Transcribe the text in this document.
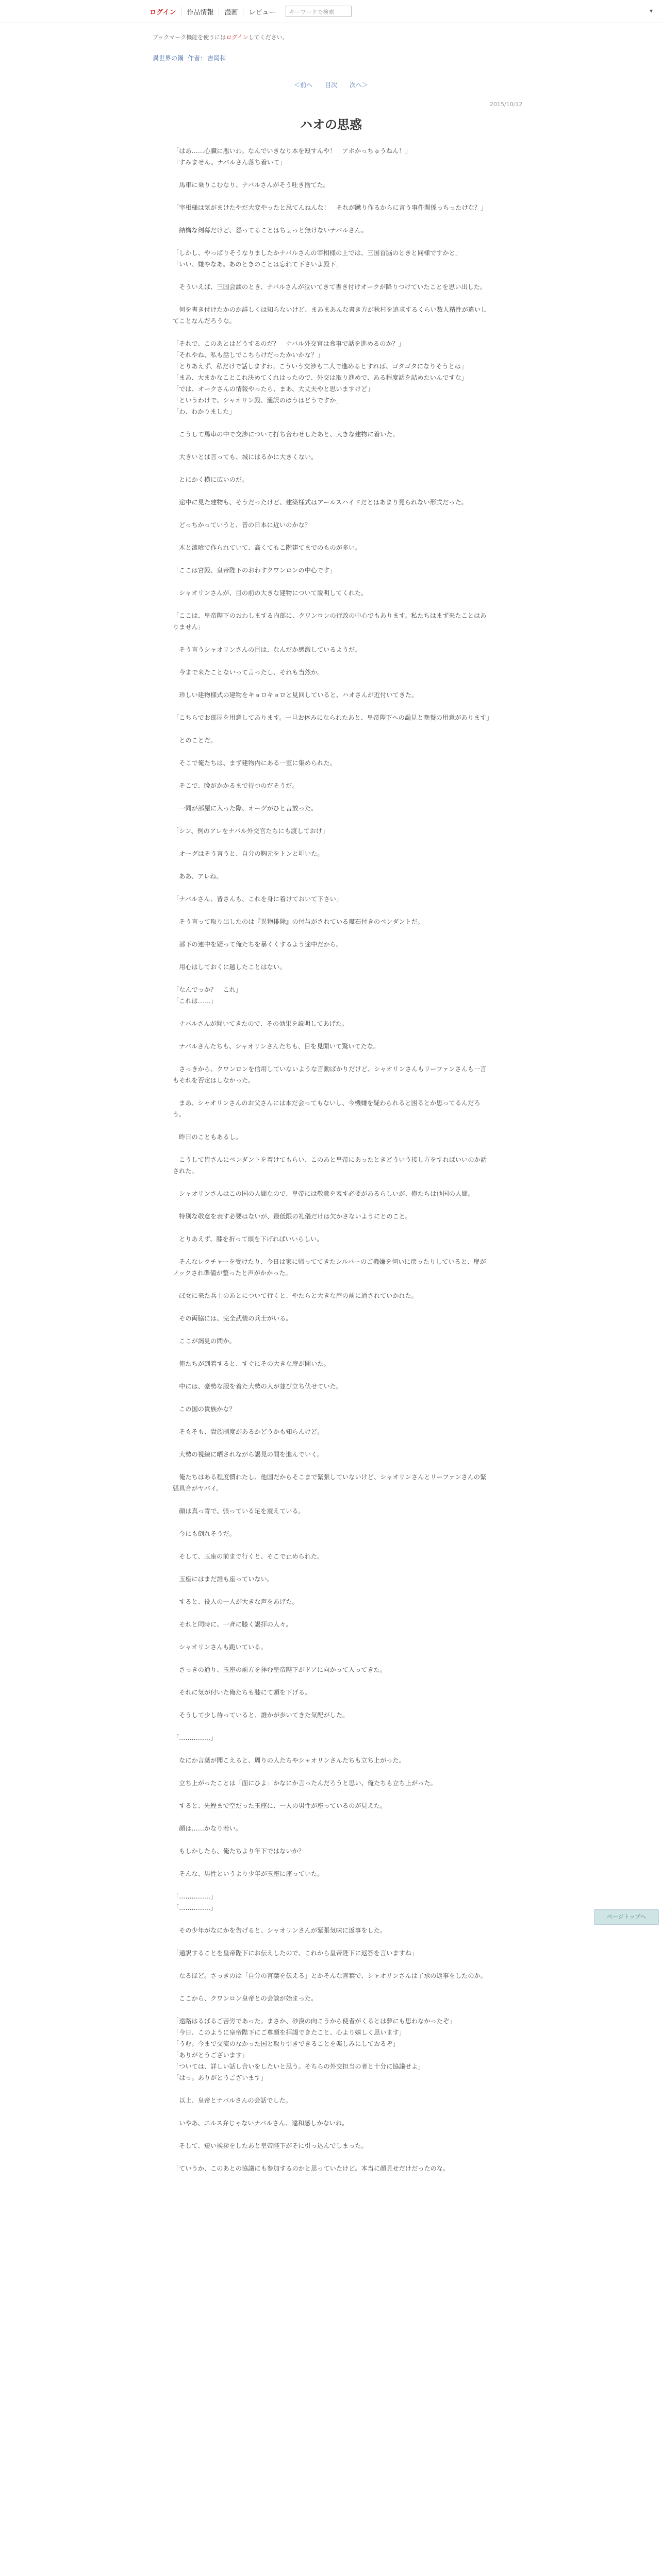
ログイン	作品情報	漫画	レビュー	キーワードで検索	▾
ブックマーク機能を使うにはログインしてください。
異世界の鍋 作者： 吉岡和
＜前へ 目次 次へ＞
2015/10/12
ハオの思惑

「はあ……心臓に悪いわ。なんでいきなり本を殴すんや！　アホかっちゅうねん！」

「すみません。ナバルさん落ち着いて」

　馬車に乗りこむなり、ナバルさんがそう吐き捨てた。

「宰相様は気がまけたやだ大変やったと思てんねんな！　それが蹴り作るからに言う事件関係っちったけな？」

　結構な剣幕だけど、怒ってることはちょっと無けないナバルさん。

「しかし、やっぱりそうなりましたかナバルさんの宰相様の上では、三国首脳のときと同様ですかと」

「いい、嫌やなあ。あのときのことは忘れて下さいよ殿下」

　そういえば、三国会談のとき、ナバルさんが泣いてきて書き付けオークが降りつけていたことを思い出した。

　何を書き付けたかのか詳しくは知らないけど、まあまあんな書き方が秋村を追求するくらい数人精性が違いしてことなんだろうな。

「それで、このあとはどうするのだ？　ナバル外交官は食事で話を進めるのか？」

「それやね、私も話しでこちらけだったかいかな？」

「とりあえず、私だけで話しますわ。こういう交渉も二人で進めるとすれば、ゴタゴタになりそうとは」

「まあ、大まかなことこれ決めてくれはったので、外交は取り進めで、ある程度話を詰めたいんですな」

「では、オークさんの情報やったら、まあ、大丈夫やと思いますけど」

「というわけで、シャオリン殿、通訳のほうはどうですか」

「わ、わかりました」

　こうして馬車の中で交渉について打ち合わせしたあと、大きな建物に着いた。

　大きいとは言っても、城にはるかに大きくない。

　とにかく横に広いのだ。

　途中に見た建物も、そうだったけど、建築様式はアールスハイドだとはあまり見られない形式だった。

　どっちかっていうと、昔の日本に近いのかな？

　木と漆喰で作られていて、高くてもこ階建てまでのものが多い。

「ここは宮殿、皇帝陛下のおわすクワンロンの中心です」

　シャオリンさんが、目の前の大きな建物について説明してくれた。

「ここは、皇帝陛下のおわしまする内部に、クワンロンの行政の中心でもあります。私たちはまず来たことはありません」

　そう言うシャオリンさんの目は、なんだか感激しているようだ。

　今まで来たことないって言ったし、それも当然か。

　珍しい建物様式の建物をキョロキョロと見回していると、ハオさんが近付いてきた。

「こちらでお部屋を用意してあります。一旦お休みになられたあと、皇帝陛下への謁見と晩餐の用意があります」

　とのことだ。

　そこで俺たちは、まず建物内にある一室に集められた。

　そこで、晩がかかるまで待つのだそうだ。

　一同が部屋に入った際、オーグがひと言放った。

「シン、例のアレをナバル外交官たちにも渡しておけ」

　オーグはそう言うと、自分の胸元をトンと叩いた。

　ああ、アレね。

「ナバルさん、皆さんも、これを身に着けておいて下さい」

　そう言って取り出したのは『異物排除』の付与がされている魔石付きのペンダントだ。

　部下の連中を疑って俺たちを暴くくするよう途中だから。

　用心はしておくに越したことはない。

「なんでっか？　これ」

「これは……」

　ナバルさんが聞いてきたので、その効果を説明してあげた。

　ナバルさんたちも、シャオリンさんたちも、目を見開いて驚いてたな。

　さっきから、クワンロンを信用していないような言動ばかりだけど、シャオリンさんもリーファンさんも一言もそれを否定はしなかった。

　まあ、シャオリンさんのお父さんには本だ会ってもないし、今機嫌を疑わられると困るとか思ってるんだろう。

　昨日のこともあるし。

　こうして皆さんにペンダントを着けてもらい、このあと皇帝にあったときどういう接し方をすればいいのか話された。

　シャオリンさんはこの国の人間なので、皇帝には敬意を表す必要があるらしいが、俺たちは他国の人間。

　特別な敬意を表す必要はないが、最低限の礼儀だけは欠かさないようにとのこと。

　とりあえず、膝を折って頭を下げればいいらしい。

　そんなレクチャーを受けたり、今日は家に帰っててきたシルバーのご機嫌を伺いに戻ったりしていると、扉がノックされ準備が整ったと声がかかった。

　ぼ女に来た兵士のあとについて行くと、やたらと大きな扉の前に通されていかれた。

　その両脇には、完全武装の兵士がいる。

　ここが謁見の間か。

　俺たちが到着すると、すぐにその大きな扉が開いた。

　中には、豪勢な服を着た大勢の人が並び立ち伏せていた。

　この国の貴族かな？

　そもそも、貴族制度があるかどうかも知らんけど。

　大勢の視線に晒されながら謁見の間を進んでいく。

　俺たちはある程度慣れたし、他国だからそこまで緊張していないけど、シャオリンさんとリーファンさんの緊張具合がヤバイ。

　顔は真っ青で、張っている足を震えている。

　今にも倒れそうだ。

　そして、玉座の前まで行くと、そこで止められた。

　玉座にはまだ誰も座っていない。

　すると、役人の一人が大きな声をあげた。

　それと同時に、一斉に膝く謁拝の人々。

　シャオリンさんも跪いている。

　さっきの通り、玉座の前方を拝む皇帝陛下がドアに向かって入ってきた。

　それに気が付いた俺たちも膝にて頭を下げる。

　そうして少し待っていると、誰かが歩いてきた気配がした。

「……………」

　なにか言葉が聞こえると、周りの人たちやシャオリンさんたちも立ち上がった。

　立ち上がったことは「面にひよ」かなにか言ったんだろうと思い、俺たちも立ち上がった。

　すると、先程まで空だった玉座に、一人の男性が座っているのが見えた。

　顔は……かなり若い。

　もしかしたら、俺たちより年下ではないか？

　そんな、男性というより少年が玉座に座っていた。

「……………」

「……………」

　その少年がなにかを告げると、シャオリンさんが緊張気味に返事をした。

「通訳することを皇帝陛下にお伝えしたので、これから皇帝陛下に返答を言いますね」

　なるほど。さっきのは「自分の言葉を伝える」とかそんな言葉で、シャオリンさんは了承の返事をしたのか。

　ここから、クワンロン皇帝との会談が始まった。

「遠路はるばるご苦労であった。まさか、砂漠の向こうから使者がくるとは夢にも思わなかったぞ」

「今日、このように皇帝陛下にご尊顔を拝謁できたこと、心より嬉しく思います」

「うむ。今まで交流のなかった国と取り引きできることを楽しみにしておるぞ」

「ありがとうございます」

「ついては、詳しい話し合いをしたいと思う。そちらの外交担当の者と十分に協議せよ」

「はっ。ありがとうございます」

　以上、皇帝とナバルさんの会話でした。

　いやあ、エルス弁じゃないナバルさん、違和感しかないね。

　そして、短い挨拶をしたあと皇帝陛下がそに引っ込んでしまった。

「ていうか、このあとの協議にも参加するのかと思っていたけど。本当に顔見せだけだったのな。

ページトップへ
